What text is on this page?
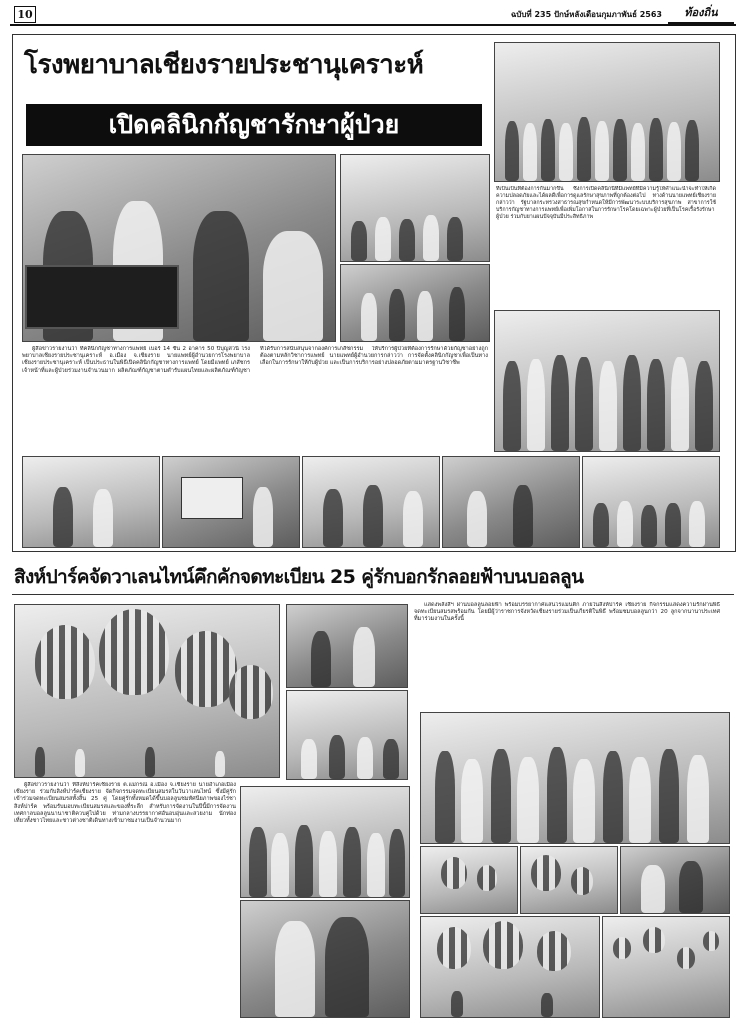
10	ฉบับที่ 235 ปักษ์หลังเดือนกุมภาพันธ์ 2563	ท้องถิ่น
โรงพยาบาลเชียงรายประชานุเคราะห์
เปิดคลินิกกัญชารักษาผู้ป่วย
ที่เป็นเป็นที่ต้องการกันมากขึ้น ซึ่งการเปิดคลินิกนี้ที่มีแพทย์ที่มีความรู้ให้คำแนะนำจะทำให้เกิดความปลอดภัยและได้ผลดีเพื่อการดูแลรักษาสุขภาพที่ถูกต้องต่อไป ทางด้านนายแพทย์เชียงราย กล่าวว่า รัฐบาลกระทรวงสาธารณสุขกำหนดให้มีการพัฒนาระบบบริการสุขภาพ สาขาการใช้บริการกัญชาทางการแพทย์เพื่อเพิ่มโอกาสในการรักษาโรคโดยเฉพาะผู้ป่วยที่เป็นโรคเรื้อรังรักษาผู้ป่วย ร่วมกับยาแผนปัจจุบันมีประสิทธิภาพ

ผู้สื่อข่าวรายงานว่า ที่คลินิกกัญชาทางการแพทย์ เบอร์ 14 ชั้น 2 อาคาร 50 ปีบุญสวนิ์ โรงพยาบาลเชียงรายประชานุเคราะห์ อ.เมือง จ.เชียงราย นายแพทย์ผู้อำนวยการโรงพยาบาลเชียงรายประชานุเคราะห์ เป็นประธานในพิธีเปิดคลินิกกัญชาทางการแพทย์ โดยมีแพทย์ เภสัชกร เจ้าหน้าที่และผู้ป่วยร่วมงานจำนวนมาก ผลิตภัณฑ์กัญชาตามตำรับแผนไทยและผลิตภัณฑ์กัญชาที่ได้รับการสนับสนุนจากองค์การเภสัชกรรม ให้บริการผู้ป่วยที่ต้องการรักษาด้วยกัญชาอย่างถูกต้องตามหลักวิชาการแพทย์ นายแพทย์ผู้อำนวยการกล่าวว่า การจัดตั้งคลินิกกัญชาเพื่อเป็นทางเลือกในการรักษาให้กับผู้ป่วย และเป็นการบริการอย่างปลอดภัยตามมาตรฐานวิชาชีพ

สิงห์ปาร์คจัดวาเลนไทน์คึกคักจดทะเบียน 25 คู่รักบอกรักลอยฟ้าบนบอลลูน

แสดงพลังสีฯ ผ่านบอลลูนลอยฟ้า พร้อมบรรยากาศแสนโรแมนติก ภายในสิงห์ปาร์ค เชียงราย กิจกรรมแสดงความรักผ่านพิธีจดทะเบียนสมรสพร้อมกัน โดยมีผู้ว่าราชการจังหวัดเชียงรายร่วมเป็นเกียรติในพิธี พร้อมชมบอลลูนกว่า 20 ลูกจากนานาประเทศที่มาร่วมงานในครั้งนี้

ผู้สื่อข่าวรายงานว่า ที่สิงห์ปาร์คเชียงราย ต.แม่กรณ์ อ.เมือง จ.เชียงราย นายอำเภอเมืองเชียงราย ร่วมกับสิงห์ปาร์คเชียงราย จัดกิจกรรมจดทะเบียนสมรสในวันวาเลนไทน์ ซึ่งมีคู่รักเข้าร่วมจดทะเบียนสมรสทั้งสิ้น 25 คู่ โดยคู่รักทั้งหมดได้ขึ้นบอลลูนชมทัศนียภาพของไร่ชาสิงห์ปาร์ค พร้อมรับมอบทะเบียนสมรสและของที่ระลึก สำหรับการจัดงานในปีนี้มีการจัดงานเทศกาลบอลลูนนานาชาติควบคู่ไปด้วย ท่ามกลางบรรยากาศอันอบอุ่นและสวยงาม นักท่องเที่ยวทั้งชาวไทยและชาวต่างชาติเดินทางเข้ามาชมงานเป็นจำนวนมาก
